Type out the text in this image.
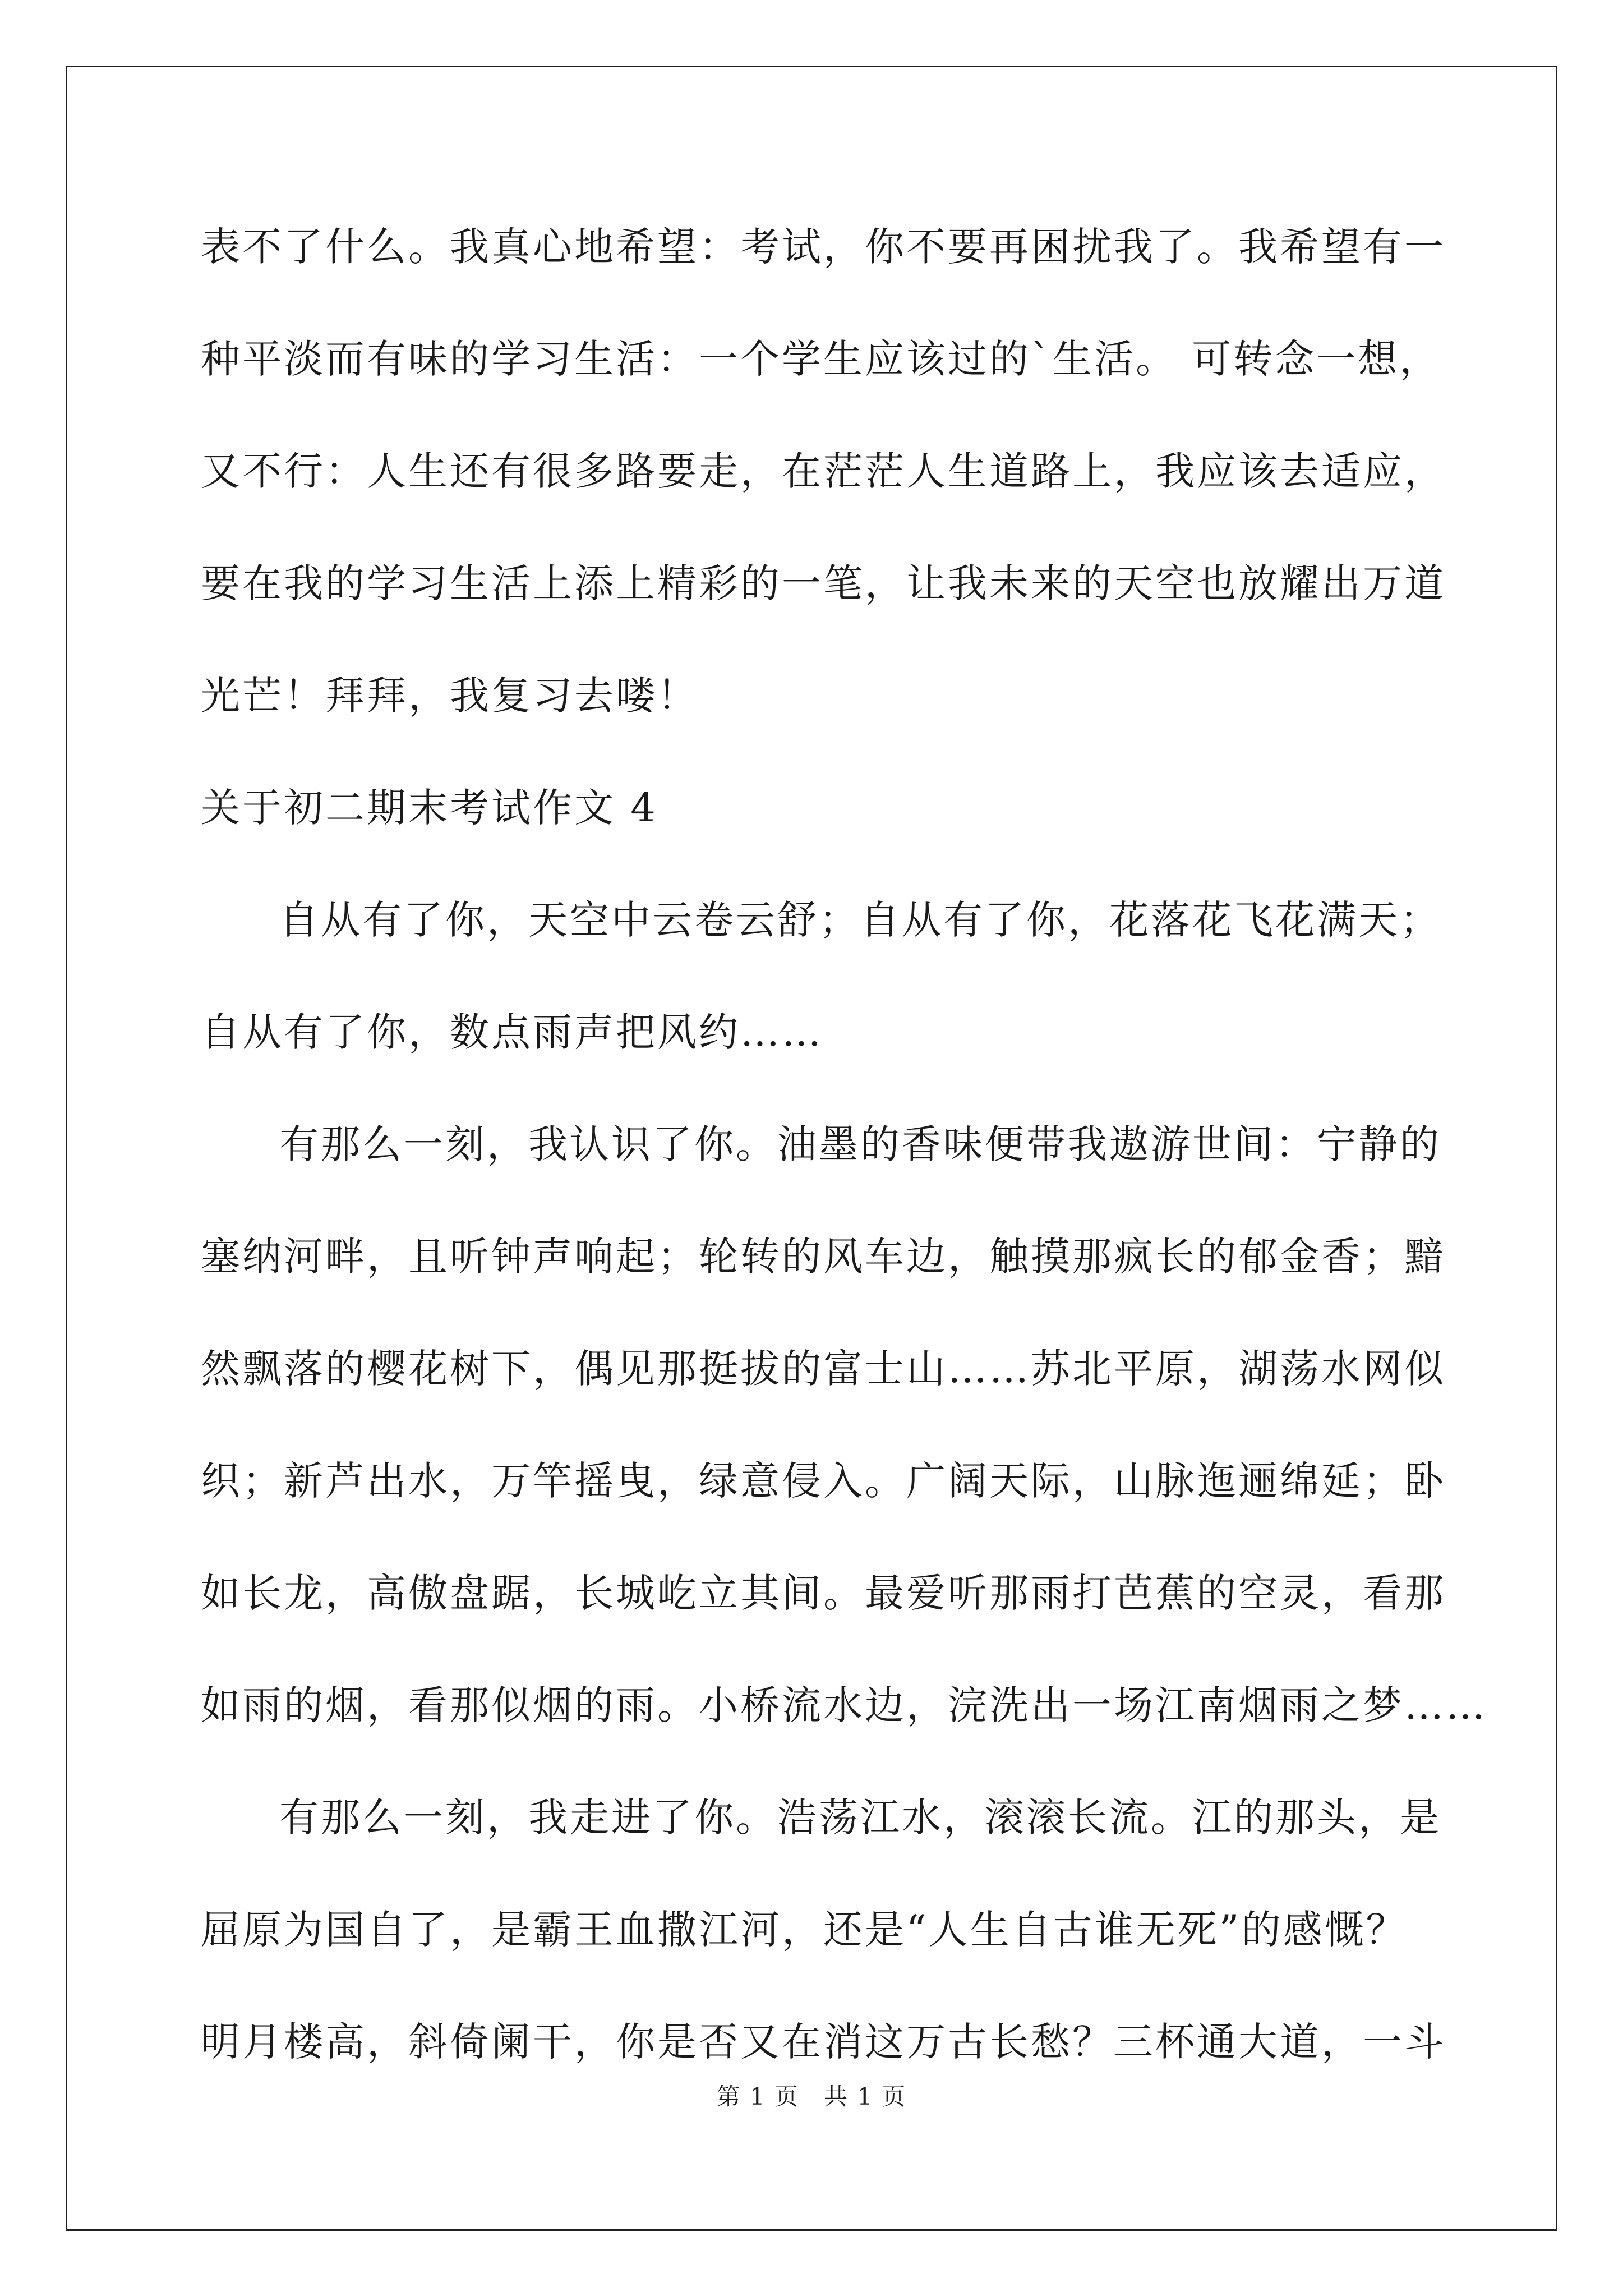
表不了什么。我真心地希望：考试，你不要再困扰我了。我希望有一
种平淡而有味的学习生活：一个学生应该过的`生活。 可转念一想，
又不行：人生还有很多路要走，在茫茫人生道路上，我应该去适应，
要在我的学习生活上添上精彩的一笔，让我未来的天空也放耀出万道
光芒！拜拜，我复习去喽！
关于初二期末考试作文 4
自从有了你，天空中云卷云舒；自从有了你，花落花飞花满天；
自从有了你，数点雨声把风约……
有那么一刻，我认识了你。油墨的香味便带我遨游世间：宁静的
塞纳河畔，且听钟声响起；轮转的风车边，触摸那疯长的郁金香；黯
然飘落的樱花树下，偶见那挺拔的富士山……苏北平原，湖荡水网似
织；新芦出水，万竿摇曳，绿意侵入。广阔天际，山脉迤逦绵延；卧
如长龙，高傲盘踞，长城屹立其间。最爱听那雨打芭蕉的空灵，看那
如雨的烟，看那似烟的雨。小桥流水边，浣洗出一场江南烟雨之梦……
有那么一刻，我走进了你。浩荡江水，滚滚长流。江的那头，是
屈原为国自了，是霸王血撒江河，还是“人生自古谁无死”的感慨？
明月楼高，斜倚阑干，你是否又在消这万古长愁？三杯通大道，一斗
第 1 页　共 1 页
